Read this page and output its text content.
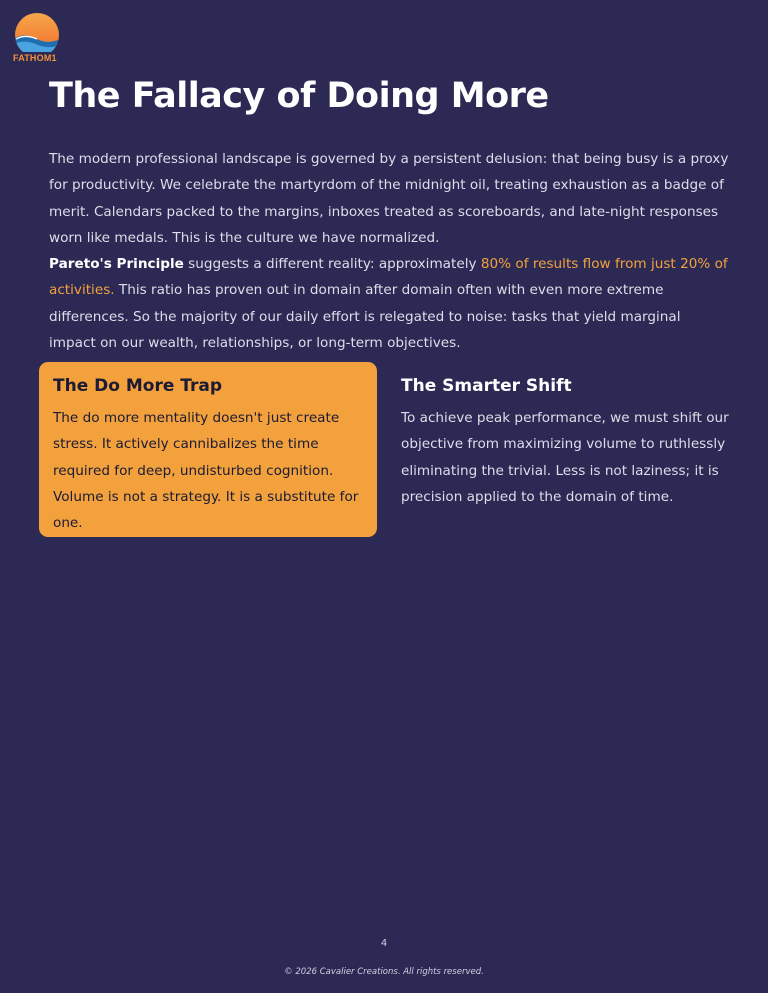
FATHOM1
The Fallacy of Doing More

The modern professional landscape is governed by a persistent delusion: that being busy is a proxy for productivity. We celebrate the martyrdom of the midnight oil, treating exhaustion as a badge of merit. Calendars packed to the margins, inboxes treated as scoreboards, and late-night responses worn like medals. This is the culture we have normalized.

Pareto's Principle suggests a different reality: approximately 80% of results flow from just 20% of activities. This ratio has proven out in domain after domain often with even more extreme differences. So the majority of our daily effort is relegated to noise: tasks that yield marginal impact on our wealth, relationships, or long-term objectives.

The Do More Trap

The do more mentality doesn't just create stress. It actively cannibalizes the time required for deep, undisturbed cognition. Volume is not a strategy. It is a substitute for one.

The Smarter Shift

To achieve peak performance, we must shift our objective from maximizing volume to ruthlessly eliminating the trivial. Less is not laziness; it is precision applied to the domain of time.

4
© 2026 Cavalier Creations. All rights reserved.
